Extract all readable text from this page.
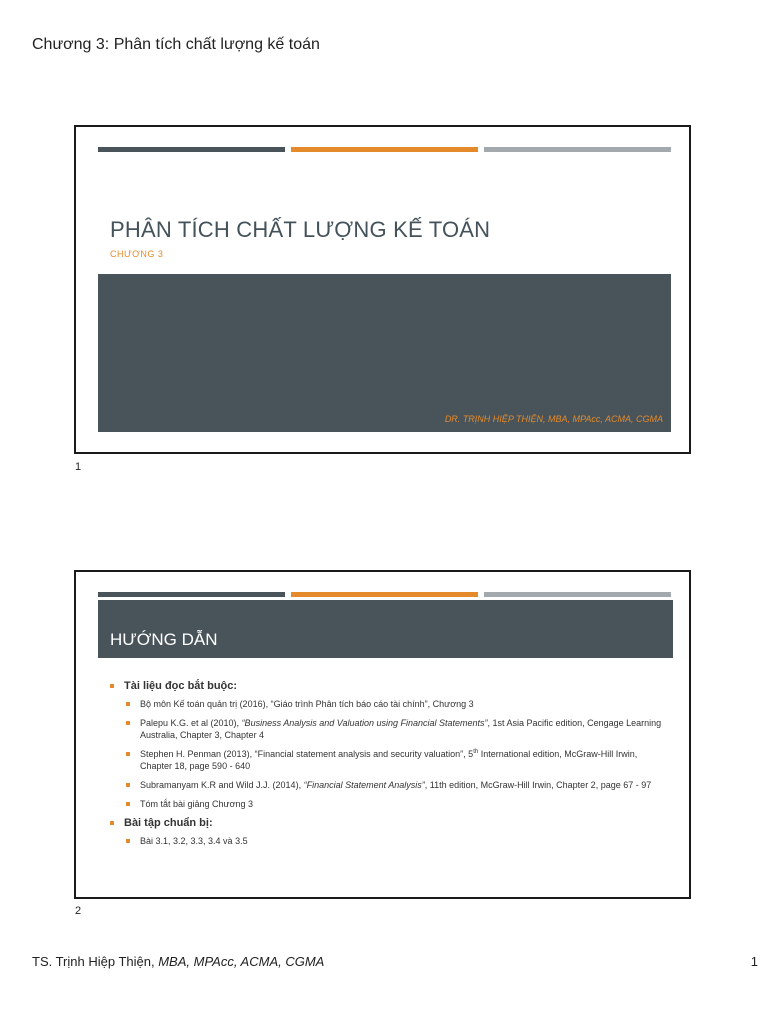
Chương 3: Phân tích chất lượng kế toán
PHÂN TÍCH CHẤT LƯỢNG KẾ TOÁN
CHƯƠNG 3
DR. TRỊNH HIỆP THIỆN, MBA, MPAcc, ACMA, CGMA
1
HƯỚNG DẪN
Tài liệu đọc bắt buộc:
Bộ môn Kế toán quản trị (2016), “Giáo trình Phân tích báo cáo tài chính”, Chương 3
Palepu K.G. et al (2010), “Business Analysis and Valuation using Financial Statements”, 1st Asia Pacific edition, Cengage Learning Australia, Chapter 3, Chapter 4
Stephen H. Penman (2013), “Financial statement analysis and security valuation”, 5th International edition, McGraw-Hill Irwin, Chapter 18, page 590 - 640
Subramanyam K.R and Wild J.J. (2014), “Financial Statement Analysis”, 11th edition, McGraw-Hill Irwin, Chapter 2, page 67 - 97
Tóm tắt bài giảng Chương 3
Bài tập chuẩn bị:
Bài 3.1, 3.2, 3.3, 3.4 và 3.5
2
TS. Trịnh Hiệp Thiện, MBA, MPAcc, ACMA, CGMA	1
